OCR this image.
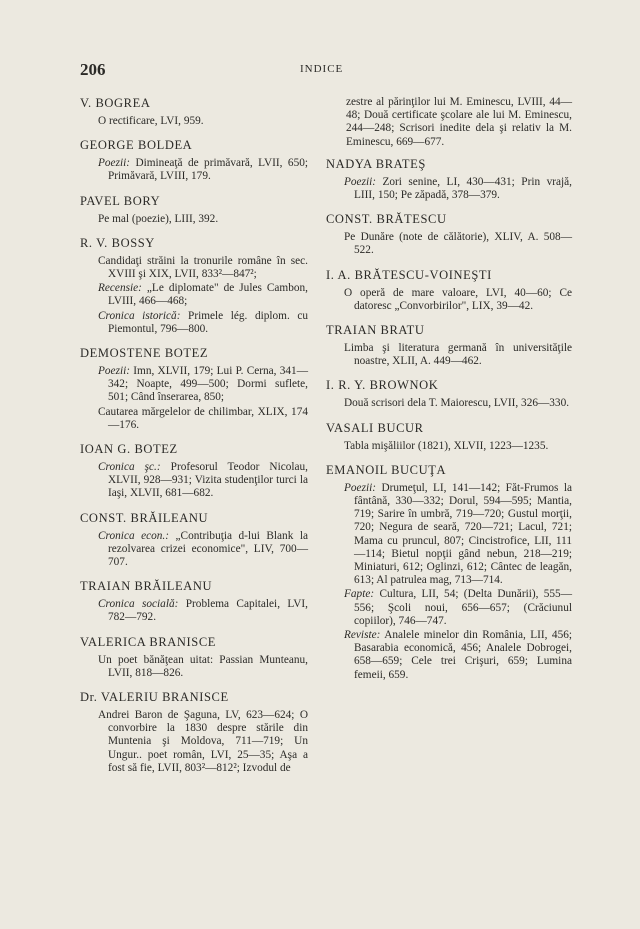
206	INDICE
V. BOGREA
O rectificare, LVI, 959.
GEORGE BOLDEA
Poezii: Dimineaţă de primăvară, LVII, 650; Primăvară, LVIII, 179.
PAVEL BORY
Pe mal (poezie), LIII, 392.
R. V. BOSSY
Candidaţi străini la tronurile române în sec. XVIII şi XIX, LVII, 833²—847²;
Recensie: „Le diplomate" de Jules Cambon, LVIII, 466—468;
Cronica istorică: Primele lég. diplom. cu Piemontul, 796—800.
DEMOSTENE BOTEZ
Poezii: Imn, XLVII, 179; Lui P. Cerna, 341—342; Noapte, 499—500; Dormi suflete, 501; Când înserarea, 850;
Cautarea mărgelelor de chilimbar, XLIX, 174—176.
IOAN G. BOTEZ
Cronica şc.: Profesorul Teodor Nicolau, XLVII, 928—931; Vizita studenţilor turci la Iaşi, XLVII, 681—682.
CONST. BRĂILEANU
Cronica econ.: „Contribuţia d-lui Blank la rezolvarea crizei economice", LIV, 700—707.
TRAIAN BRĂILEANU
Cronica socială: Problema Capitalei, LVI, 782—792.
VALERICA BRANISCE
Un poet bănăţean uitat: Passian Munteanu, LVII, 818—826.
Dr. VALERIU BRANISCE
Andrei Baron de Şaguna, LV, 623—624; O convorbire la 1830 despre stările din Muntenia şi Moldova, 711—719; Un Ungur.. poet român, LVI, 25—35; Aşa a fost să fie, LVII, 803²—812²; Izvodul de
zestre al părinţilor lui M. Eminescu, LVIII, 44—48; Două certificate şcolare ale lui M. Eminescu, 244—248; Scrisori inedite dela şi relativ la M. Eminescu, 669—677.
NADYA BRATEŞ
Poezii: Zori senine, LI, 430—431; Prin vrajă, LIII, 150; Pe zăpadă, 378—379.
CONST. BRĂTESCU
Pe Dunăre (note de călătorie), XLIV, A. 508—522.
I. A. BRĂTESCU-VOINEŞTI
O operă de mare valoare, LVI, 40—60; Ce datoresc „Convorbirilor", LIX, 39—42.
TRAIAN BRATU
Limba şi literatura germană în universităţile noastre, XLII, A. 449—462.
I. R. Y. BROWNOK
Două scrisori dela T. Maiorescu, LVII, 326—330.
VASALI BUCUR
Tabla mişăliilor (1821), XLVII, 1223—1235.
EMANOIL BUCUŢA
Poezii: Drumeţul, LI, 141—142; Făt-Frumos la fântână, 330—332; Dorul, 594—595; Mantia, 719; Sarire în umbră, 719—720; Gustul morţii, 720; Negura de seară, 720—721; Lacul, 721; Mama cu pruncul, 807; Cincistrofice, LII, 111—114; Bietul nopţii gând nebun, 218—219; Miniaturi, 612; Oglinzi, 612; Cântec de leagăn, 613; Al patrulea mag, 713—714.
Fapte: Cultura, LII, 54; (Delta Dunării), 555—556; Şcoli noui, 656—657; (Crăciunul copiilor), 746—747.
Reviste: Analele minelor din România, LII, 456; Basarabia economică, 456; Analele Dobrogei, 658—659; Cele trei Crişuri, 659; Lumina femeii, 659.
